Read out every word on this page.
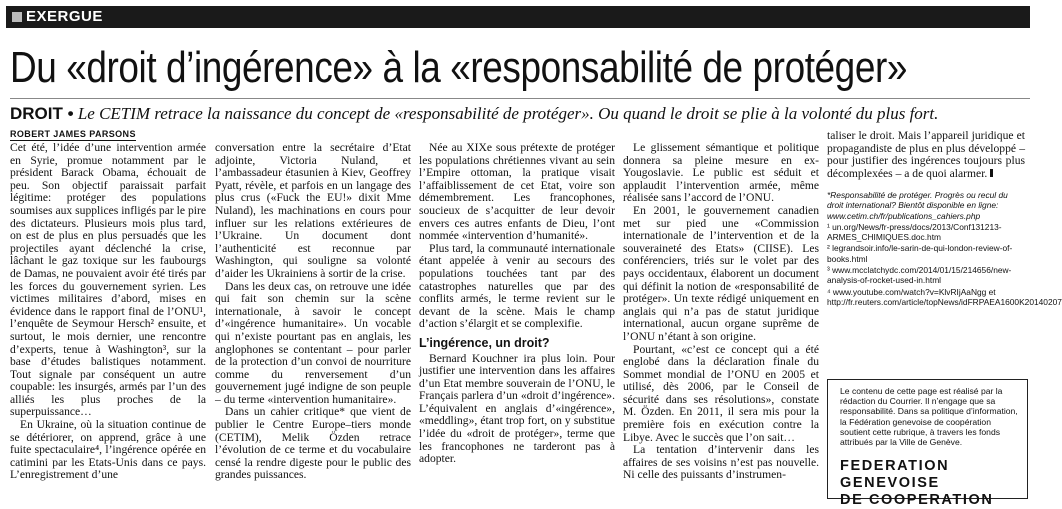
EXERGUE
Du «droit d’ingérence» à la «responsabilité de protéger»
DROIT • Le CETIM retrace la naissance du concept de «responsabilité de protéger». Ou quand le droit se plie à la volonté du plus fort.
ROBERT JAMES PARSONS

Cet été, l’idée d’une intervention armée en Syrie, promue notamment par le président Barack Obama, échouait de peu. Son objectif paraissait parfait légitime: protéger des populations soumises aux supplices infligés par le pire des dictateurs. Plusieurs mois plus tard, on est de plus en plus persuadés que les projectiles ayant déclenché la crise, lâchant le gaz toxique sur les faubourgs de Damas, ne pouvaient avoir été tirés par les forces du gouvernement syrien. Les victimes militaires d’abord, mises en évidence dans le rapport final de l’ONU¹, l’enquête de Seymour Hersch² ensuite, et surtout, le mois dernier, une rencontre d’experts, tenue à Washington³, sur la base d’études balistiques notamment. Tout signale par conséquent un autre coupable: les insurgés, armés par l’un des alliés les plus proches de la superpuissance…

En Ukraine, où la situation continue de se détériorer, on apprend, grâce à une fuite spectaculaire⁴, l’ingérence opérée en catimini par les Etats-Unis dans ce pays. L’enregistrement d’une

conversation entre la secrétaire d’Etat adjointe, Victoria Nuland, et l’ambassadeur étasunien à Kiev, Geoffrey Pyatt, révèle, et parfois en un langage des plus crus («Fuck the EU!» dixit Mme Nuland), les machinations en cours pour influer sur les relations extérieures de l’Ukraine. Un document dont l’authenticité est reconnue par Washington, qui souligne sa volonté d’aider les Ukrainiens à sortir de la crise.

Dans les deux cas, on retrouve une idée qui fait son chemin sur la scène internationale, à savoir le concept d’«ingérence humanitaire». Un vocable qui n’existe pourtant pas en anglais, les anglophones se contentant – pour parler de la protection d’un convoi de nourriture comme du renversement d’un gouvernement jugé indigne de son peuple – du terme «intervention humanitaire».

Dans un cahier critique* que vient de publier le Centre Europe–tiers monde (CETIM), Melik Özden retrace l’évolution de ce terme et du vocabulaire censé la rendre digeste pour le public des grandes puissances.

Née au XIXe sous prétexte de protéger les populations chrétiennes vivant au sein l’Empire ottoman, la pratique visait l’affaiblissement de cet Etat, voire son démembrement. Les francophones, soucieux de s’acquitter de leur devoir envers ces autres enfants de Dieu, l’ont nommée «intervention d’humanité».

Plus tard, la communauté internationale étant appelée à venir au secours des populations touchées tant par des catastrophes naturelles que par des conflits armés, le terme revient sur le devant de la scène. Mais le champ d’action s’élargit et se complexifie.

L’ingérence, un droit?

Bernard Kouchner ira plus loin. Pour justifier une intervention dans les affaires d’un Etat membre souverain de l’ONU, le Français parlera d’un «droit d’ingérence». L’équivalent en anglais d’«ingérence», «meddling», étant trop fort, on y substitue l’idée du «droit de protéger», terme que les francophones ne tarderont pas à adopter.

Le glissement sémantique et politique donnera sa pleine mesure en ex-Yougoslavie. Le public est séduit et applaudit l’intervention armée, même réalisée sans l’accord de l’ONU.

En 2001, le gouvernement canadien met sur pied une «Commission internationale de l’intervention et de la souveraineté des Etats» (CIISE). Les conférenciers, triés sur le volet par des pays occidentaux, élaborent un document qui définit la notion de «responsabilité de protéger». Un texte rédigé uniquement en anglais qui n’a pas de statut juridique international, aucun organe suprême de l’ONU n’étant à son origine.

Pourtant, «c’est ce concept qui a été englobé dans la déclaration finale du Sommet mondial de l’ONU en 2005 et utilisé, dès 2006, par le Conseil de sécurité dans ses résolutions», constate M. Özden. En 2011, il sera mis pour la première fois en exécution contre la Libye. Avec le succès que l’on sait…

La tentation d’intervenir dans les affaires de ses voisins n’est pas nouvelle. Ni celle des puissants d’instrumen-

taliser le droit. Mais l’appareil juridique et propagandiste de plus en plus développé – pour justifier des ingérences toujours plus décomplexées – a de quoi alarmer.

*Responsabilité de protéger. Progrès ou recul du droit international? Bientôt disponible en ligne: www.cetim.ch/fr/publications_cahiers.php
¹ un.org/News/fr-press/docs/2013/Conf131213-ARMES_CHIMIQUES.doc.htm
² legrandsoir.info/le-sarin-de-qui-london-review-of-books.html
³ www.mcclatchydc.com/2014/01/15/214656/new-analysis-of-rocket-used-in.html
⁴ www.youtube.com/watch?v=KlvRIjAaNgg et http://fr.reuters.com/article/topNews/idFRPAEA1600K20140207
Le contenu de cette page est réalisé par la rédaction du Courrier. Il n’engage que sa responsabilité. Dans sa politique d’information, la Fédération genevoise de coopération soutient cette rubrique, à travers les fonds attribués par la Ville de Genève.
FEDERATION GENEVOISE
DE COOPERATION
